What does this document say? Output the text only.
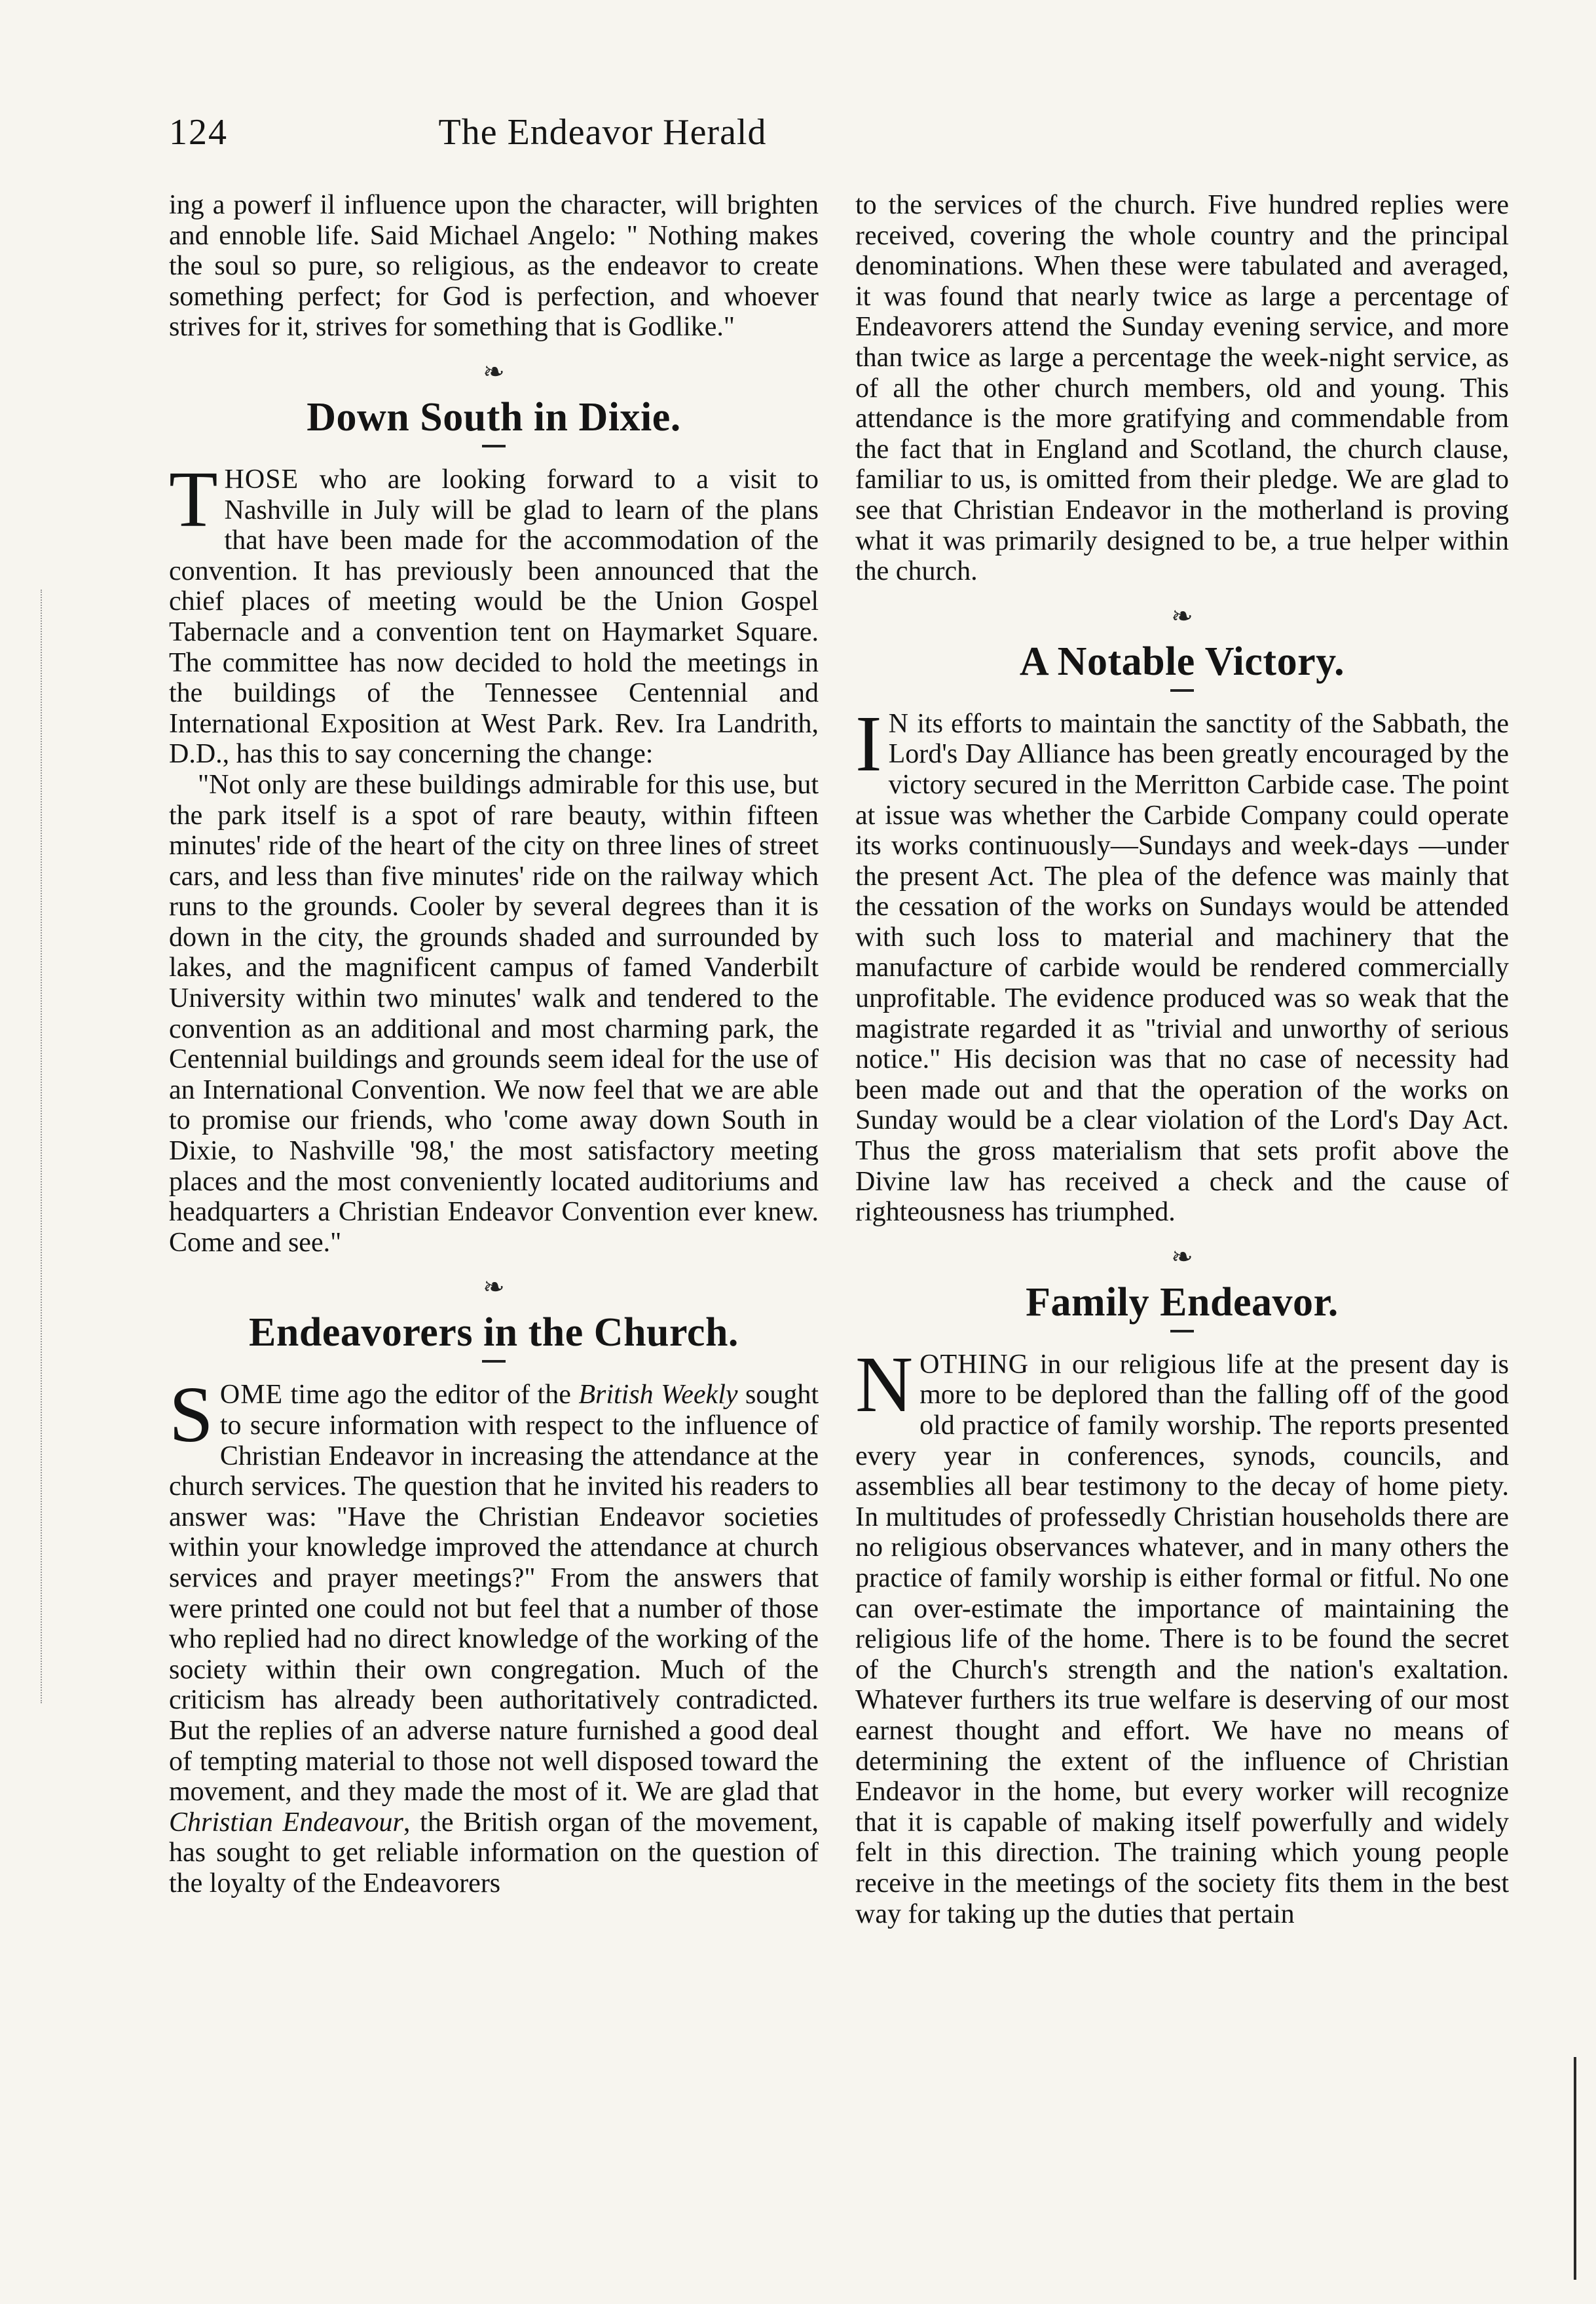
124	The Endeavor Herald

ing a powerf il influence upon the character, will brighten and ennoble life. Said Michael Angelo: " Nothing makes the soul so pure, so religious, as the endeavor to create something perfect; for God is perfection, and whoever strives for it, strives for something that is Godlike."

❧
Down South in Dixie.

THOSE who are looking forward to a visit to Nashville in July will be glad to learn of the plans that have been made for the accommodation of the convention. It has previously been announced that the chief places of meeting would be the Union Gospel Tabernacle and a convention tent on Haymarket Square. The committee has now decided to hold the meetings in the buildings of the Tennessee Centennial and International Exposition at West Park. Rev. Ira Landrith, D.D., has this to say concerning the change:

"Not only are these buildings admirable for this use, but the park itself is a spot of rare beauty, within fifteen minutes' ride of the heart of the city on three lines of street cars, and less than five minutes' ride on the railway which runs to the grounds. Cooler by several degrees than it is down in the city, the grounds shaded and surrounded by lakes, and the magnificent campus of famed Vanderbilt University within two minutes' walk and tendered to the convention as an additional and most charming park, the Centennial buildings and grounds seem ideal for the use of an International Convention. We now feel that we are able to promise our friends, who 'come away down South in Dixie, to Nashville '98,' the most satisfactory meeting places and the most conveniently located auditoriums and headquarters a Christian Endeavor Convention ever knew. Come and see."

❧
Endeavorers in the Church.

SOME time ago the editor of the British Weekly sought to secure information with respect to the influence of Christian Endeavor in increasing the attendance at the church services. The question that he invited his readers to answer was: "Have the Christian Endeavor societies within your knowledge improved the attendance at church services and prayer meetings?" From the answers that were printed one could not but feel that a number of those who replied had no direct knowledge of the working of the society within their own congregation. Much of the criticism has already been authoritatively contradicted. But the replies of an adverse nature furnished a good deal of tempting material to those not well disposed toward the movement, and they made the most of it. We are glad that Christian Endeavour, the British organ of the movement, has sought to get reliable information on the question of the loyalty of the Endeavorers

to the services of the church. Five hundred replies were received, covering the whole country and the principal denominations. When these were tabulated and averaged, it was found that nearly twice as large a percentage of Endeavorers attend the Sunday evening service, and more than twice as large a percentage the week-night service, as of all the other church members, old and young. This attendance is the more gratifying and commendable from the fact that in England and Scotland, the church clause, familiar to us, is omitted from their pledge. We are glad to see that Christian Endeavor in the motherland is proving what it was primarily designed to be, a true helper within the church.

❧
A Notable Victory.

I N its efforts to maintain the sanctity of the Sabbath, the Lord's Day Alliance has been greatly encouraged by the victory secured in the Merritton Carbide case. The point at issue was whether the Carbide Company could operate its works continuously—Sundays and week-days —under the present Act. The plea of the defence was mainly that the cessation of the works on Sundays would be attended with such loss to material and machinery that the manufacture of carbide would be rendered commercially unprofitable. The evidence produced was so weak that the magistrate regarded it as "trivial and unworthy of serious notice." His decision was that no case of necessity had been made out and that the operation of the works on Sunday would be a clear violation of the Lord's Day Act. Thus the gross materialism that sets profit above the Divine law has received a check and the cause of righteousness has triumphed.

❧
Family Endeavor.

NOTHING in our religious life at the present day is more to be deplored than the falling off of the good old practice of family worship. The reports presented every year in conferences, synods, councils, and assemblies all bear testimony to the decay of home piety. In multitudes of professedly Christian households there are no religious observances whatever, and in many others the practice of family worship is either formal or fitful. No one can over-estimate the importance of maintaining the religious life of the home. There is to be found the secret of the Church's strength and the nation's exaltation. Whatever furthers its true welfare is deserving of our most earnest thought and effort. We have no means of determining the extent of the influence of Christian Endeavor in the home, but every worker will recognize that it is capable of making itself powerfully and widely felt in this direction. The training which young people receive in the meetings of the society fits them in the best way for taking up the duties that pertain
